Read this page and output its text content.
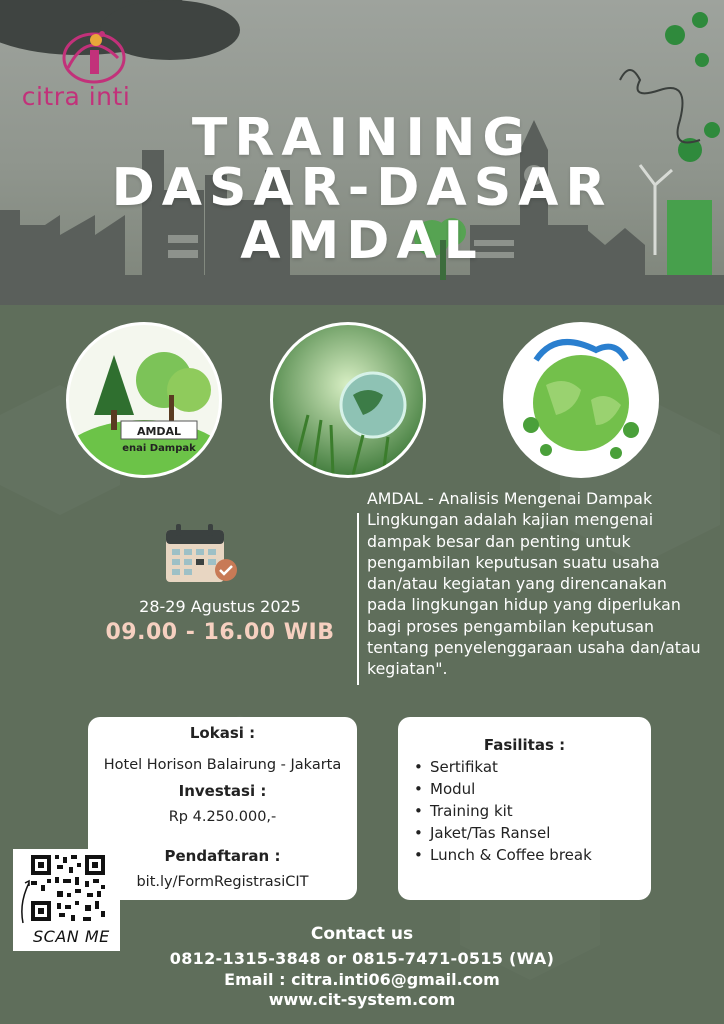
citra inti
TRAINING
DASAR-DASAR
AMDAL
AMDAL
enai Dampak
28-29 Agustus 2025
09.00 - 16.00 WIB
AMDAL - Analisis Mengenai Dampak Lingkungan adalah kajian mengenai dampak besar dan penting untuk pengambilan keputusan suatu usaha dan/atau kegiatan yang direncanakan pada lingkungan hidup yang diperlukan bagi proses pengambilan keputusan tentang penyelenggaraan usaha dan/atau kegiatan".
Lokasi :
Hotel Horison Balairung - Jakarta
Investasi :
Rp 4.250.000,-
Pendaftaran :
bit.ly/FormRegistrasiCIT
Fasilitas :
• Sertifikat
• Modul
• Training kit
• Jaket/Tas Ransel
• Lunch & Coffee break
SCAN ME	Contact us
0812-1315-3848 or 0815-7471-0515 (WA)
Email : citra.inti06@gmail.com
www.cit-system.com
